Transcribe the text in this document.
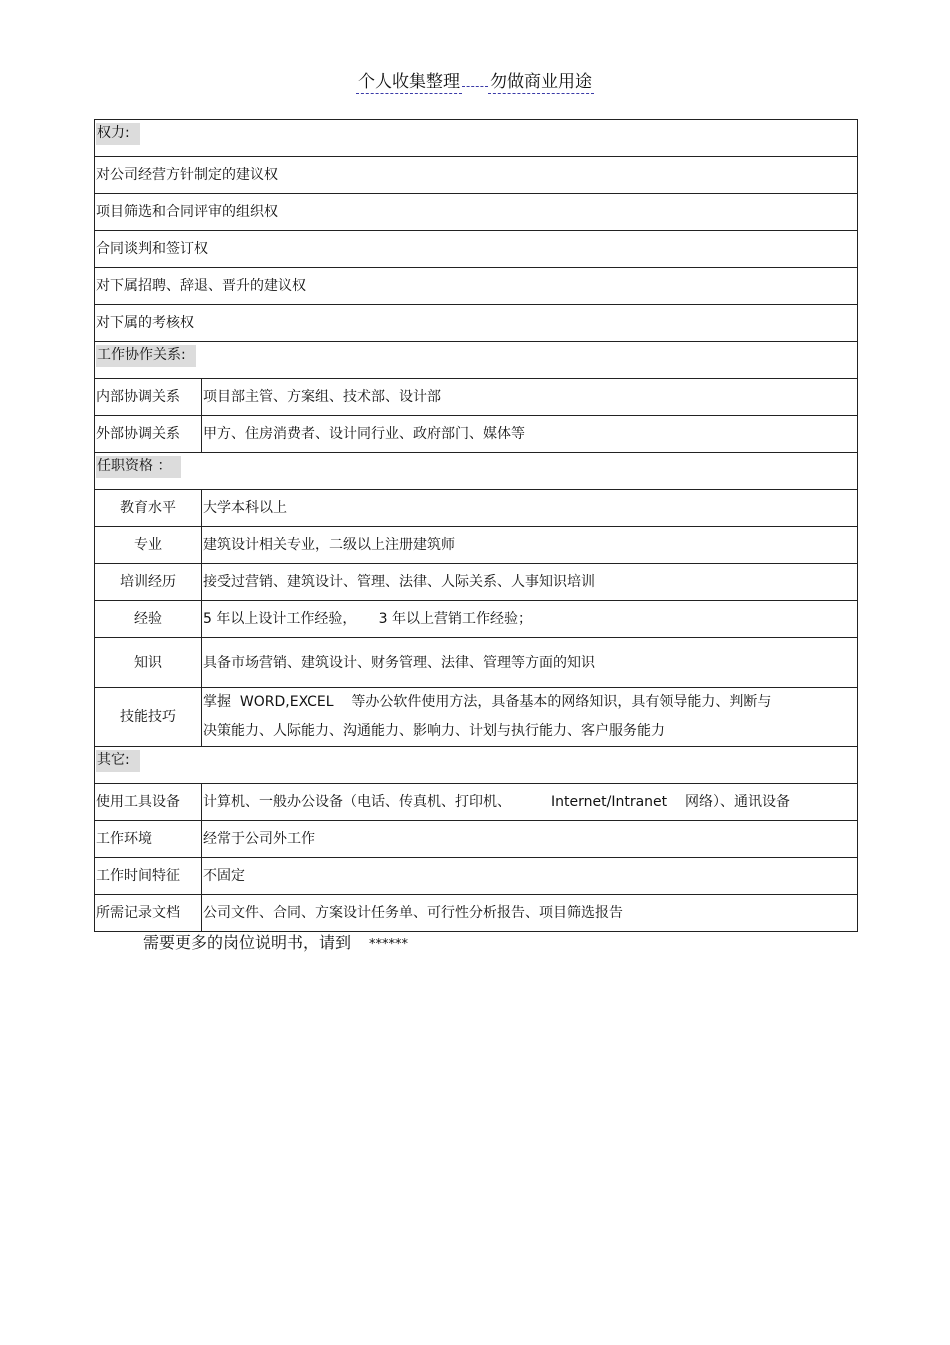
个人收集整理 勿做商业用途
权力:	
对公司经营方针制定的建议权	
项目筛选和合同评审的组织权	
合同谈判和签订权	
对下属招聘、辞退、晋升的建议权	
对下属的考核权	
工作协作关系:	
内部协调关系	项目部主管、方案组、技术部、设计部
外部协调关系	甲方、住房消费者、设计同行业、政府部门、媒体等
任职资格 ：	
教育水平	大学本科以上
专业	建筑设计相关专业，二级以上注册建筑师
培训经历	接受过营销、建筑设计、管理、法律、人际关系、人事知识培训
经验	5 年以上设计工作经验，     3 年以上营销工作经验；
知识	具备市场营销、建筑设计、财务管理、法律、管理等方面的知识
技能技巧	掌握  WORD,EXCEL    等办公软件使用方法，具备基本的网络知识，具有领导能力、判断与
决策能力、人际能力、沟通能力、影响力、计划与执行能力、客户服务能力

其它:	
使用工具设备	计算机、一般办公设备（电话、传真机、打印机、         Internet/Intranet    网络）、通讯设备
工作环境	经常于公司外工作
工作时间特征	不固定
所需记录文档	公司文件、合同、方案设计任务单、可行性分析报告、项目筛选报告
需要更多的岗位说明书，请到 ******
